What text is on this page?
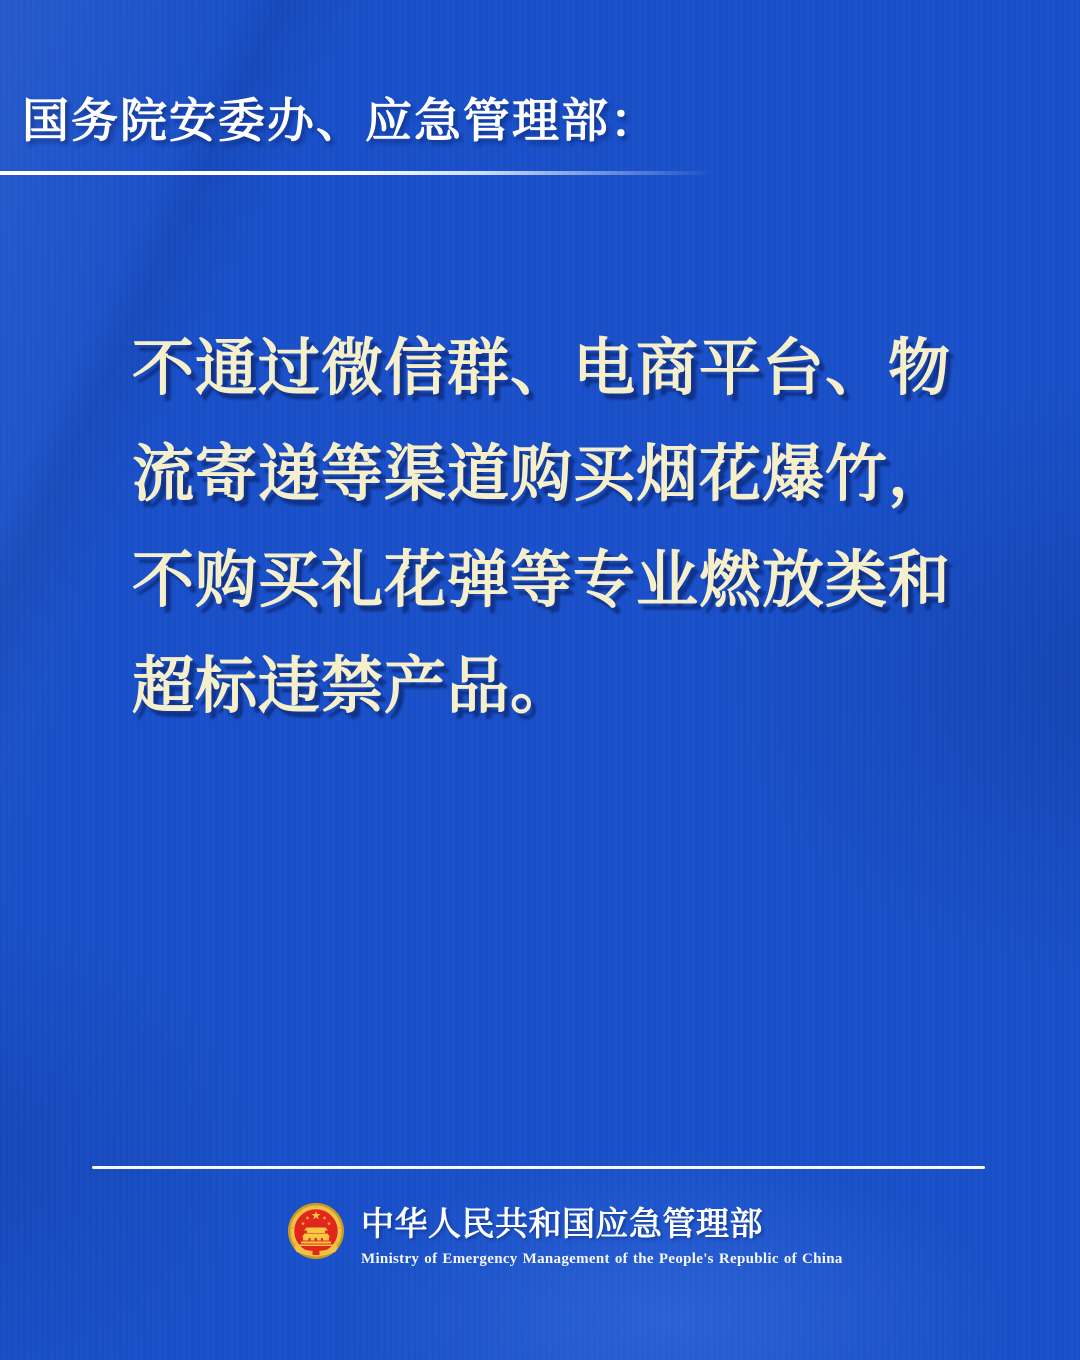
国务院安委办、应急管理部：

不通过微信群、电商平台、物

流寄递等渠道购买烟花爆竹，

不购买礼花弹等专业燃放类和

超标违禁产品。

中华人民共和国应急管理部
Ministry of Emergency Management of the People's Republic of China
